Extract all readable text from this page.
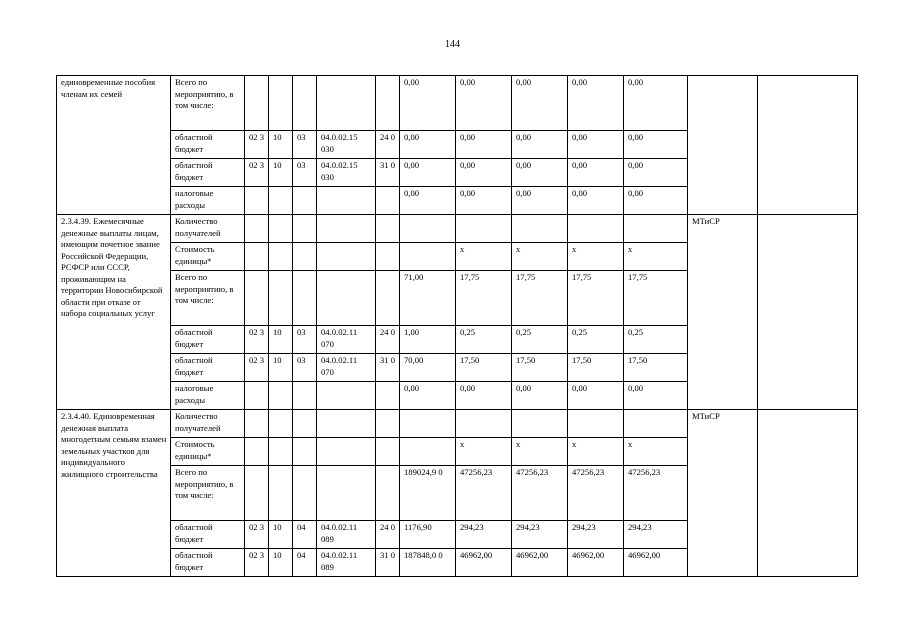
144
единовременные пособия членам их семей	Всего по мероприятию, в том числе:						0,00	0,00	0,00	0,00	0,00		
	областной бюджет	02 3	10	03	04.0.02.15 030	24 0	0,00	0,00	0,00	0,00	0,00		
	областной бюджет	02 3	10	03	04.0.02.15 030	31 0	0,00	0,00	0,00	0,00	0,00		
	налоговые расходы						0,00	0,00	0,00	0,00	0,00		
2.3.4.39. Ежемесячные денежные выплаты лицам, имеющим почетное звание Российской Федерации, РСФСР или СССР, проживающим на территории Новосибирской области при отказе от набора социальных услуг	Количество получателей											МТиСР	
	Стоимость единицы*							х	х	х	х		
	Всего по мероприятию, в том числе:						71,00	17,75	17,75	17,75	17,75		
	областной бюджет	02 3	10	03	04.0.02.11 070	24 0	1,00	0,25	0,25	0,25	0,25		
	областной бюджет	02 3	10	03	04.0.02.11 070	31 0	70,00	17,50	17,50	17,50	17,50		
	налоговые расходы						0,00	0,00	0,00	0,00	0,00		
2.3.4.40. Единовременная денежная выплата многодетным семьям взамен земельных участков для индивидуального жилищного строительства	Количество получателей											МТиСР	
	Стоимость единицы*							х	х	х	х		
	Всего по мероприятию, в том числе:						189024,9 0	47256,23	47256,23	47256,23	47256,23		
	областной бюджет	02 3	10	04	04.0.02.11 089	24 0	1176,90	294,23	294,23	294,23	294,23		
	областной бюджет	02 3	10	04	04.0.02.11 089	31 0	187848,0 0	46962,00	46962,00	46962,00	46962,00		
